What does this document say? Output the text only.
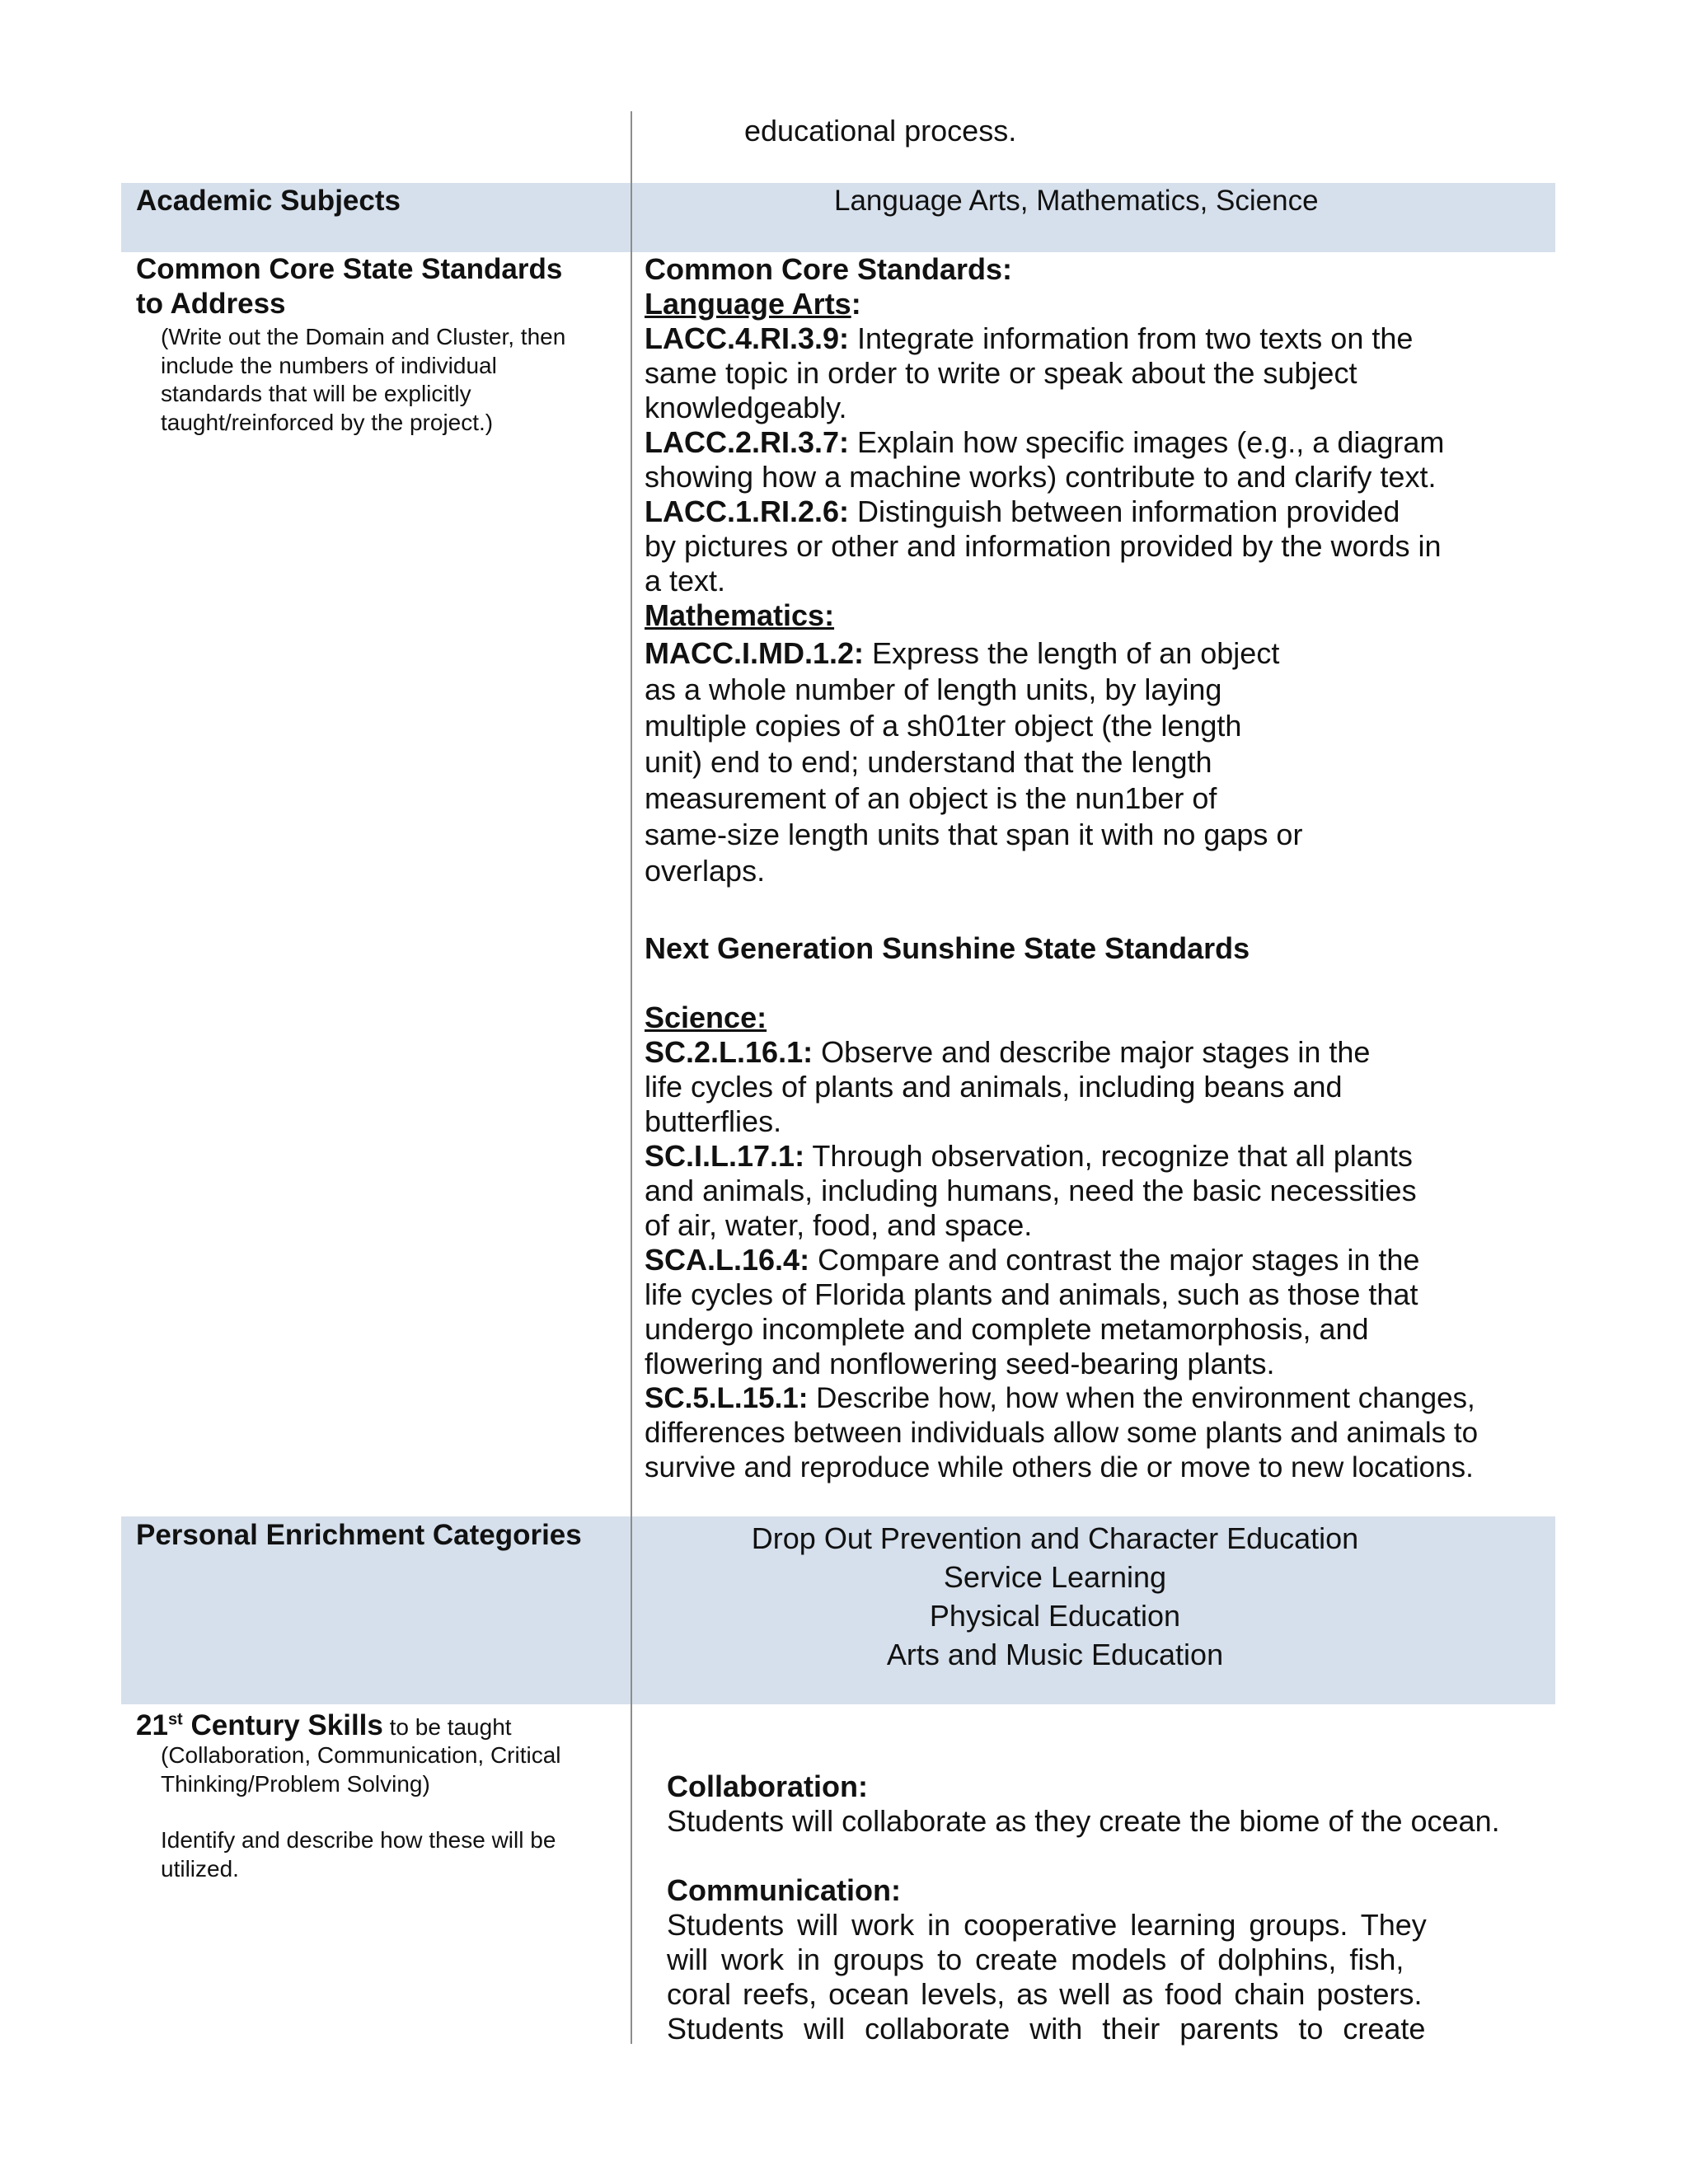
educational process.
Academic Subjects	Language Arts, Mathematics, Science

Common Core State Standards

to Address

(Write out the Domain and Cluster, then

include the numbers of individual

standards that will be explicitly

taught/reinforced by the project.)

Common Core Standards:

Language Arts:

LACC.4.RI.3.9: Integrate information from two texts on the

same topic in order to write or speak about the subject

knowledgeably.

LACC.2.RI.3.7: Explain how specific images (e.g., a diagram

showing how a machine works) contribute to and clarify text.

LACC.1.RI.2.6: Distinguish between information provided

by pictures or other and information provided by the words in

a text.

Mathematics:

MACC.I.MD.1.2: Express the length of an object

as a whole number of length units, by laying

multiple copies of a sh01ter object (the length

unit) end to end; understand that the length

measurement of an object is the nun1ber of

same-size length units that span it with no gaps or

overlaps.

Next Generation Sunshine State Standards

Science:

SC.2.L.16.1: Observe and describe major stages in the

life cycles of plants and animals, including beans and

butterflies.

SC.I.L.17.1: Through observation, recognize that all plants

and animals, including humans, need the basic necessities

of air, water, food, and space.

SCA.L.16.4: Compare and contrast the major stages in the

life cycles of Florida plants and animals, such as those that

undergo incomplete and complete metamorphosis, and

flowering and nonflowering seed-bearing plants.

SC.5.L.15.1: Describe how, how when the environment changes,

differences between individuals allow some plants and animals to

survive and reproduce while others die or move to new locations.

Personal Enrichment Categories	Drop Out Prevention and Character Education

Service Learning

Physical Education

Arts and Music Education

21st Century Skills to be taught

(Collaboration, Communication, Critical

Thinking/Problem Solving)

Identify and describe how these will be

utilized.

Collaboration:

Students will collaborate as they create the biome of the ocean.

Communication:

Students will work in cooperative learning groups. They

will work in groups to create models of dolphins, fish,

coral reefs, ocean levels, as well as food chain posters.

Students will collaborate with their parents to create
